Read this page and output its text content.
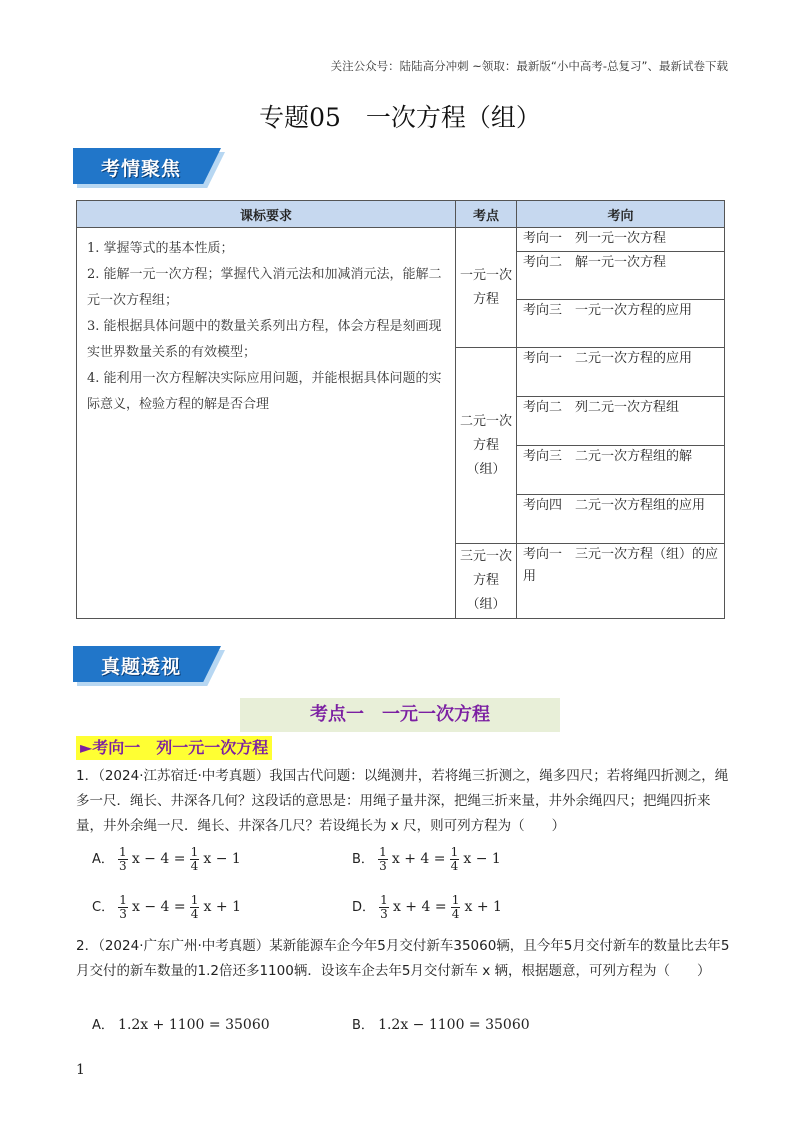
关注公众号：陆陆高分冲刺 ~领取：最新版“小中高考-总复习”、最新试卷下载
专题05　一次方程（组）
考情聚焦
课标要求	考点	考向

1. 掌握等式的基本性质；
2. 能解一元一次方程；掌握代入消元法和加减消元法，能解二元一次方程组；
3. 能根据具体问题中的数量关系列出方程，体会方程是刻画现实世界数量关系的有效模型；
4. 能利用一次方程解决实际应用问题，并能根据具体问题的实际意义，检验方程的解是否合理	一元一次方程	考向一　列一元一次方程
		考向二　解一元一次方程
		考向三　一元一次方程的应用
	二元一次方程（组）	考向一　二元一次方程的应用
		考向二　列二元一次方程组
		考向三　二元一次方程组的解
		考向四　二元一次方程组的应用
	三元一次方程（组）	考向一　三元一次方程（组）的应用
真题透视
考点一　一元一次方程
►考向一　列一元一次方程
1．（2024·江苏宿迁·中考真题）我国古代问题：以绳测井，若将绳三折测之，绳多四尺；若将绳四折测之，绳多一尺．绳长、井深各几何？这段话的意思是：用绳子量井深，把绳三折来量，井外余绳四尺；把绳四折来量，井外余绳一尺．绳长、井深各几尺？若设绳长为 x 尺，则可列方程为（　　）
A． $\frac{1}{3}$ $x - 4 = \frac{1}{4}$ x − 1	B． $\frac{1}{3}$ $x + 4 = \frac{1}{4}$ x − 1
C． $\frac{1}{3}$ $x - 4 = \frac{1}{4}$ x + 1	D． $\frac{1}{3}$ $x + 4 = \frac{1}{4}$ x + 1
2．（2024·广东广州·中考真题）某新能源车企今年5月交付新车35060辆，且今年5月交付新车的数量比去年5月交付的新车数量的1.2倍还多1100辆．设该车企去年5月交付新车 x 辆，根据题意，可列方程为（　　）
A． 1.2x + 1100 = 35060	B． 1.2x − 1100 = 35060
1
